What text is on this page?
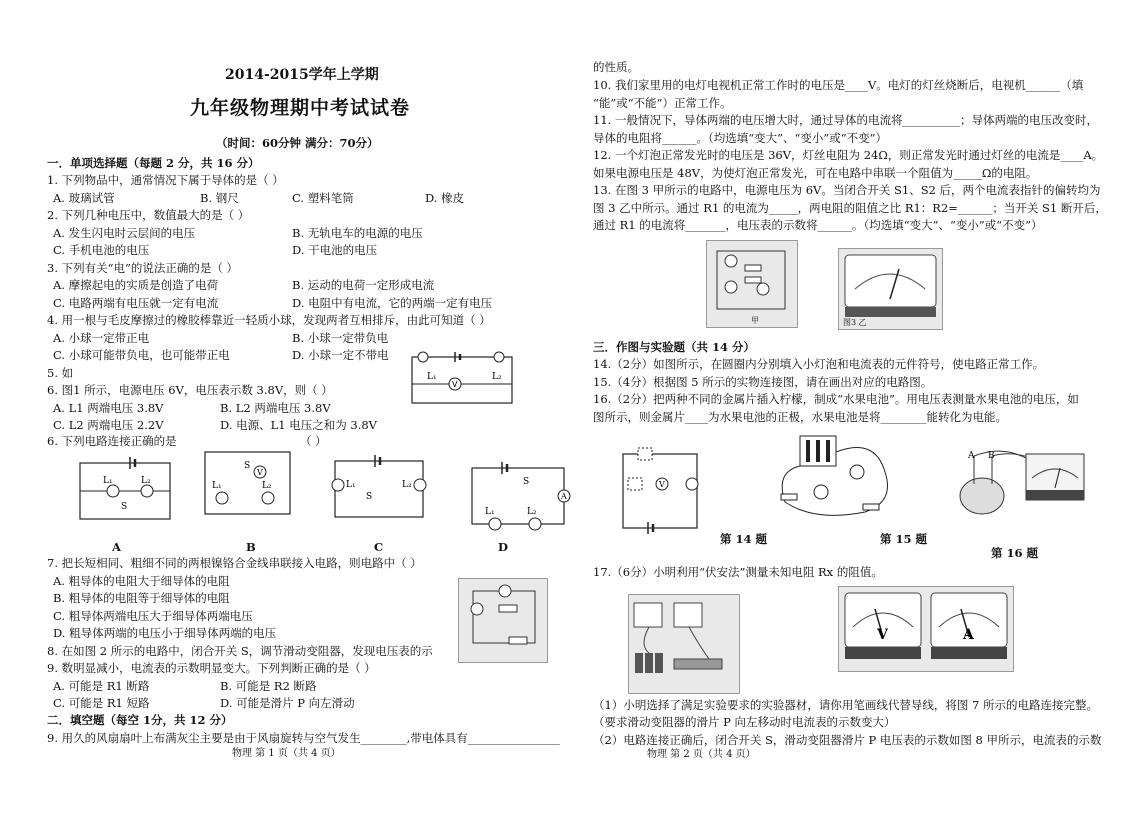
2014-2015学年上学期
九年级物理期中考试试卷
（时间：60分钟 满分：70分）
一．单项选择题（每题 2 分，共 16 分）
1. 下列物品中，通常情况下属于导体的是（ ）
A. 玻璃试管	B. 钢尺	C. 塑料笔筒	D. 橡皮
2. 下列几种电压中，数值最大的是（ ）
A. 发生闪电时云层间的电压	B. 无轨电车的电源的电压
C. 手机电池的电压	D. 干电池的电压
3. 下列有关“电”的说法正确的是（ ）
A. 摩擦起电的实质是创造了电荷	B. 运动的电荷一定形成电流
C. 电路两端有电压就一定有电流	D. 电阻中有电流，它的两端一定有电压
4. 用一根与毛皮摩擦过的橡胶棒靠近一轻质小球，发现两者互相排斥，由此可知道（ ）
A. 小球一定带正电	B. 小球一定带负电
C. 小球可能带负电，也可能带正电	D. 小球一定不带电
5. 如
6. 图1 所示，电源电压 6V，电压表示数 3.8V，则（ ）
A. L1 两端电压 3.8V	B. L2 两端电压 3.8V
C. L2 两端电压 2.2V	D. 电源、L1 电压之和为 3.8V
V
L₁	L₂
6. 下列电路连接正确的是	（ ）
L₁	L₂
S
V
L₁	L₂
S
L₁	L₂
S	A
L₁	L₂
S
A	B	C	D
7. 把长短相同、粗细不同的两根镍铬合金线串联接入电路，则电路中（ ）
A. 粗导体的电阻大于细导体的电阻
B. 粗导体的电阻等于细导体的电阻
C. 粗导体两端电压大于细导体两端电压
D. 粗导体两端的电压小于细导体两端的电压
8. 在如图 2 所示的电路中，闭合开关 S，调节滑动变阻器，发现电压表的示
9. 数明显减小，电流表的示数明显变大。下列判断正确的是（ ）
A. 可能是 R1 断路	B. 可能是 R2 断路
C. 可能是 R1 短路	D. 可能是滑片 P 向左滑动
二．填空题（每空 1分，共 12 分）
9. 用久的风扇扇叶上布满灰尘主要是由于风扇旋转与空气发生________,带电体具有________________
物理 第 1 页（共 4 页）
的性质。
10. 我们家里用的电灯电视机正常工作时的电压是____V。电灯的灯丝烧断后，电视机______（填
“能”或“不能”）正常工作。
11. 一般情况下，导体两端的电压增大时，通过导体的电流将__________；导体两端的电压改变时，
导体的电阻将______。（均选填“变大”、“变小”或“不变”）
12. 一个灯泡正常发光时的电压是 36V，灯丝电阻为 24Ω，则正常发光时通过灯丝的电流是____A。
如果电源电压是 48V，为使灯泡正常发光，可在电路中串联一个阻值为_____Ω的电阻。
13. 在图 3 甲所示的电路中，电源电压为 6V。当闭合开关 S1、S2 后，两个电流表指针的偏转均为
图 3 乙中所示。通过 R1 的电流为_____，两电阻的阻值之比 R1：R2=______；当开关 S1 断开后，
通过 R1 的电流将_______，电压表的示数将______。（均选填“变大”、“变小”或“不变”）
甲	图3 乙
三．作图与实验题（共 14 分）
14.（2分）如图所示，在圆圈内分别填入小灯泡和电流表的元件符号，使电路正常工作。
15.（4分）根据图 5 所示的实物连接图，请在画出对应的电路图。
16.（2分）把两种不同的金属片插入柠檬，制成“水果电池”。用电压表测量水果电池的电压，如
图所示，则金属片____为水果电池的正极，水果电池是将________能转化为电能。
V
第 14 题	第 15 题
A B
第 16 题
17.（6分）小明利用“伏安法”测量未知电阻 Rx 的阻值。
V	A
（1）小明选择了满足实验要求的实验器材，请你用笔画线代替导线，将图 7 所示的电路连接完整。
（要求滑动变阻器的滑片 P 向左移动时电流表的示数变大）
（2）电路连接正确后，闭合开关 S，滑动变阻器滑片 P 电压表的示数如图 8 甲所示，电流表的示数
物理 第 2 页（共 4 页）
